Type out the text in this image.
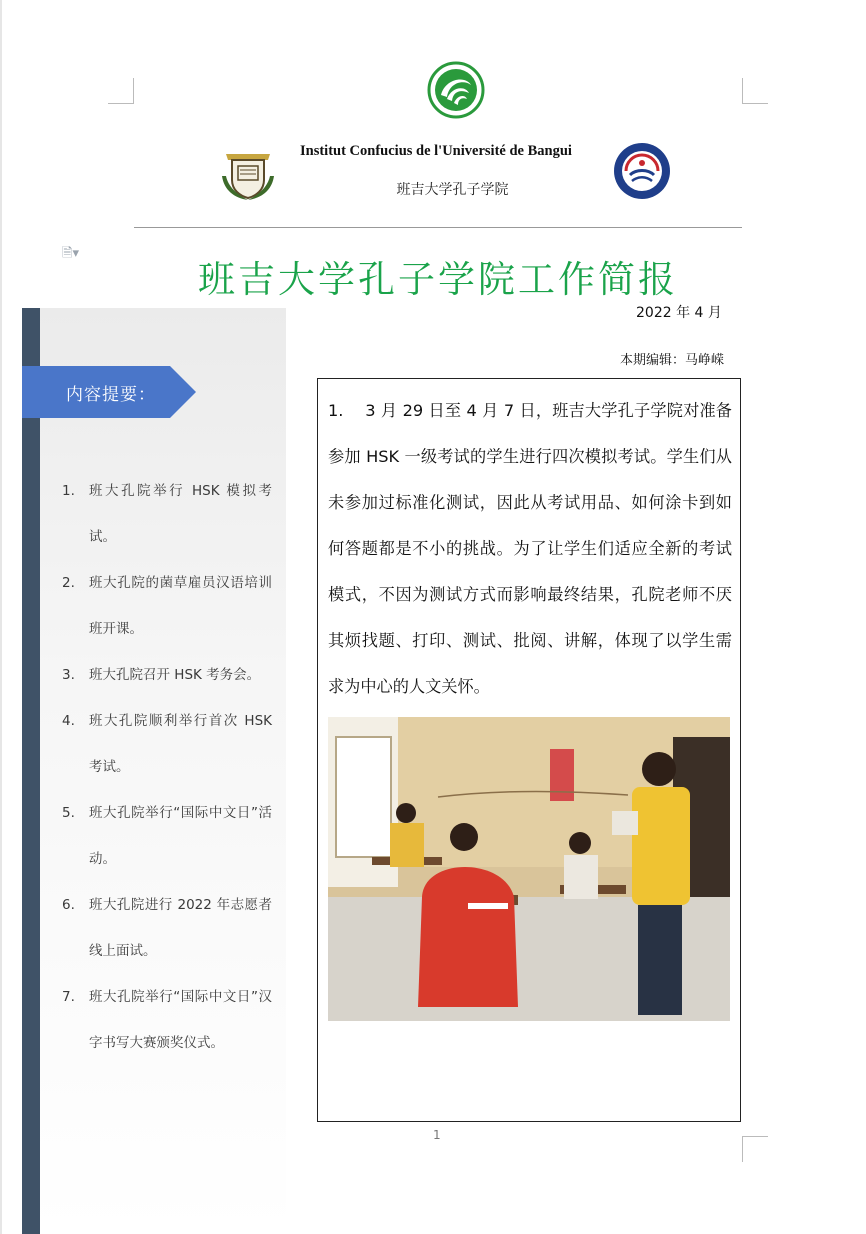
Institut Confucius de l'Université de Bangui
班吉大学孔子学院
🗎▾
班吉大学孔子学院工作简报
2022 年 4 月
本期编辑：马峥嵘
内容提要：
1. 班大孔院举行 HSK 模拟考试。
2. 班大孔院的菌草雇员汉语培训班开课。
3. 班大孔院召开 HSK 考务会。
4. 班大孔院顺利举行首次 HSK 考试。
5. 班大孔院举行“国际中文日”活动。
6. 班大孔院进行 2022 年志愿者线上面试。
7. 班大孔院举行“国际中文日”汉字书写大赛颁奖仪式。
1.　 3 月 29 日至 4 月 7 日，班吉大学孔子学院对准备参加 HSK 一级考试的学生进行四次模拟考试。学生们从未参加过标准化测试，因此从考试用品、如何涂卡到如何答题都是不小的挑战。为了让学生们适应全新的考试模式，不因为测试方式而影响最终结果，孔院老师不厌其烦找题、打印、测试、批阅、讲解，体现了以学生需求为中心的人文关怀。
1
